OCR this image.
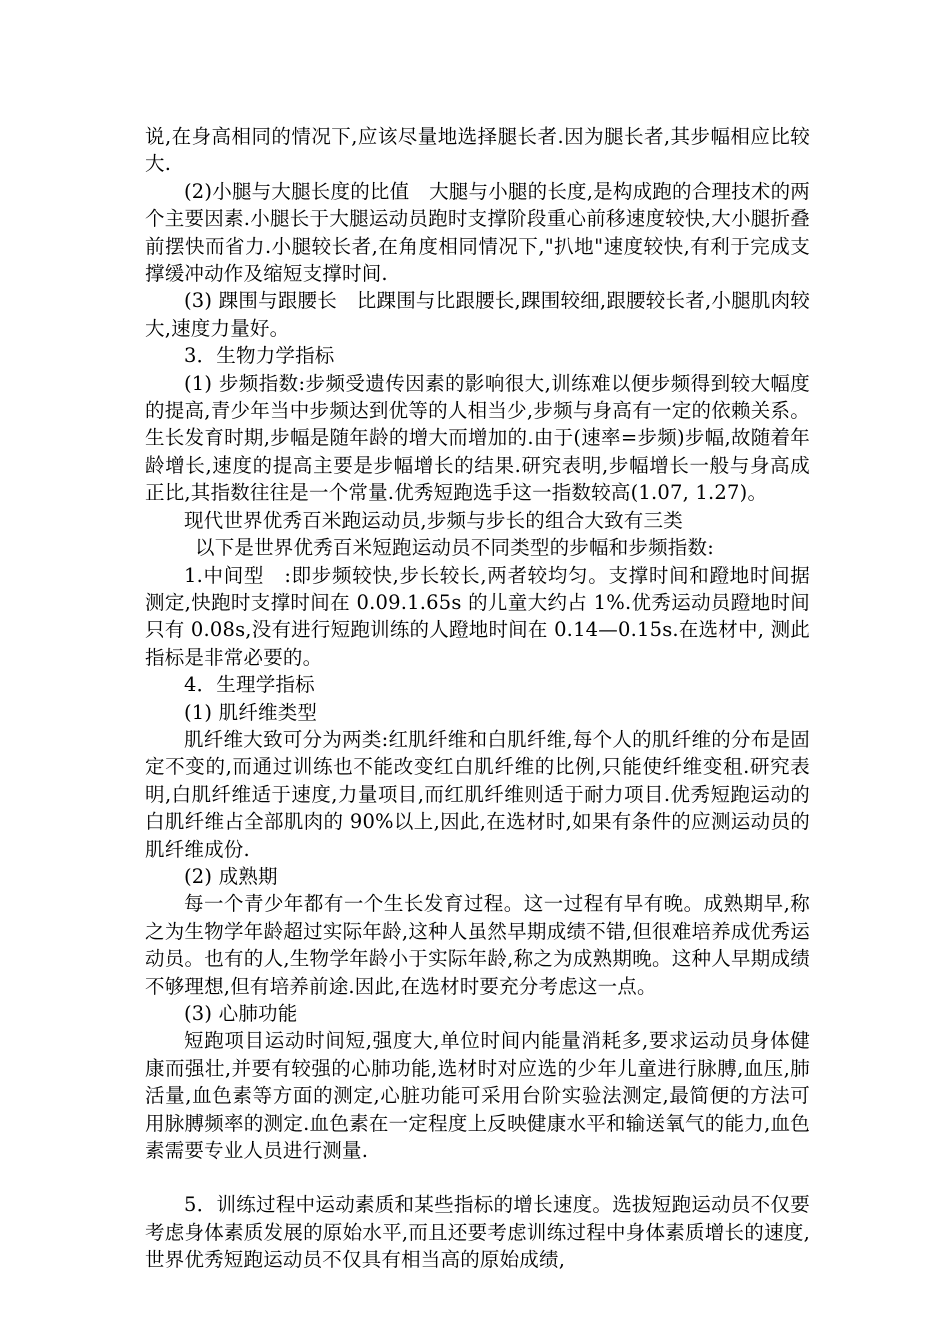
说,在身高相同的情况下,应该尽量地选择腿长者.因为腿长者,其步幅相应比较大.

(2)小腿与大腿长度的比值　大腿与小腿的长度,是构成跑的合理技术的两个主要因素.小腿长于大腿运动员跑时支撑阶段重心前移速度较快,大小腿折叠前摆快而省力.小腿较长者,在角度相同情况下,"扒地"速度较快,有利于完成支撑缓冲动作及缩短支撑时间.

(3) 踝围与跟腰长　比踝围与比跟腰长,踝围较细,跟腰较长者,小腿肌肉较大,速度力量好。

3．生物力学指标

(1) 步频指数:步频受遗传因素的影响很大,训练难以便步频得到较大幅度的提高,青少年当中步频达到优等的人相当少,步频与身高有一定的依赖关系。生长发育时期,步幅是随年龄的增大而增加的.由于(速率=步频)步幅,故随着年龄增长,速度的提高主要是步幅增长的结果.研究表明,步幅增长一般与身高成正比,其指数往往是一个常量.优秀短跑选手这一指数较高(1.07, 1.27)。

现代世界优秀百米跑运动员,步频与步长的组合大致有三类

以下是世界优秀百米短跑运动员不同类型的步幅和步频指数:

1.中间型　:即步频较快,步长较长,两者较均匀。支撑时间和蹬地时间据测定,快跑时支撑时间在 0.09.1.65s 的儿童大约占 1%.优秀运动员蹬地时间只有 0.08s,没有进行短跑训练的人蹬地时间在 0.14—0.15s.在选材中, 测此指标是非常必要的。

4．生理学指标

(1) 肌纤维类型

肌纤维大致可分为两类:红肌纤维和白肌纤维,每个人的肌纤维的分布是固定不变的,而通过训练也不能改变红白肌纤维的比例,只能使纤维变租.研究表明,白肌纤维适于速度,力量项目,而红肌纤维则适于耐力项目.优秀短跑运动的白肌纤维占全部肌肉的 90%以上,因此,在选材时,如果有条件的应测运动员的肌纤维成份.

(2) 成熟期

每一个青少年都有一个生长发育过程。这一过程有早有晚。成熟期早,称之为生物学年龄超过实际年龄,这种人虽然早期成绩不错,但很难培养成优秀运动员。也有的人,生物学年龄小于实际年龄,称之为成熟期晚。这种人早期成绩不够理想,但有培养前途.因此,在选材时要充分考虑这一点。

(3) 心肺功能

短跑项目运动时间短,强度大,单位时间内能量消耗多,要求运动员身体健康而强壮,并要有较强的心肺功能,选材时对应选的少年儿童进行脉膊,血压,肺活量,血色素等方面的测定,心脏功能可采用台阶实验法测定,最简便的方法可用脉膊频率的测定.血色素在一定程度上反映健康水平和输送氧气的能力,血色素需要专业人员进行测量.

5．训练过程中运动素质和某些指标的增长速度。选拔短跑运动员不仅要考虑身体素质发展的原始水平,而且还要考虑训练过程中身体素质增长的速度,世界优秀短跑运动员不仅具有相当高的原始成绩,
